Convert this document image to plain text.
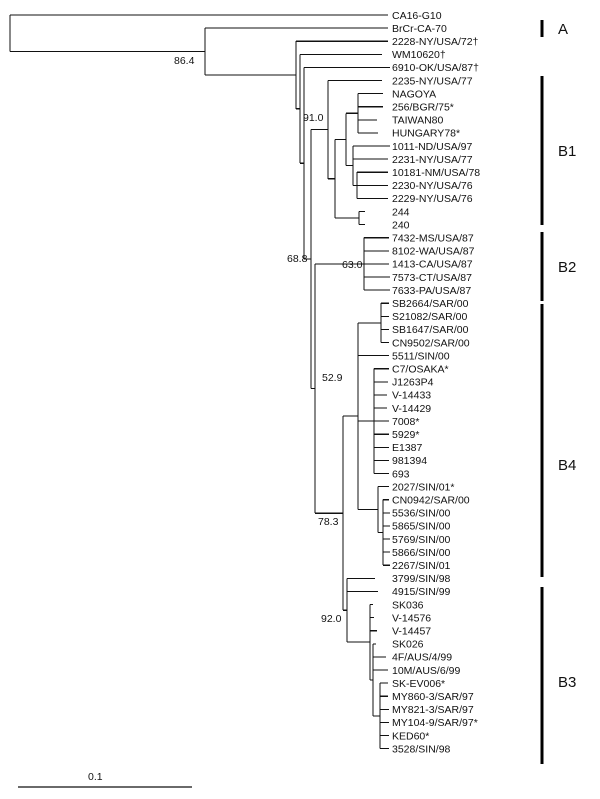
CA16-G10
BrCr-CA-70
2228-NY/USA/72†
WM10620†
6910-OK/USA/87†
2235-NY/USA/77
NAGOYA
256/BGR/75*
TAIWAN80
HUNGARY78*
1011-ND/USA/97
2231-NY/USA/77
10181-NM/USA/78
2230-NY/USA/76
2229-NY/USA/76
244
240
7432-MS/USA/87
8102-WA/USA/87
1413-CA/USA/87
7573-CT/USA/87
7633-PA/USA/87
SB2664/SAR/00
S21082/SAR/00
SB1647/SAR/00
CN9502/SAR/00
5511/SIN/00
C7/OSAKA*
J1263P4
V-14433
V-14429
7008*
5929*
E1387
981394
693
2027/SIN/01*
CN0942/SAR/00
5536/SIN/00
5865/SIN/00
5769/SIN/00
5866/SIN/00
2267/SIN/01
3799/SIN/98
4915/SIN/99
SK036
V-14576
V-14457
SK026
4F/AUS/4/99
10M/AUS/6/99
SK-EV006*
MY860-3/SAR/97
MY821-3/SAR/97
MY104-9/SAR/97*
KED60*
3528/SIN/98
86.4
91.0
68.8	63.0
52.9
78.3
92.0
A
B1
B2
B4
B3
0.1
